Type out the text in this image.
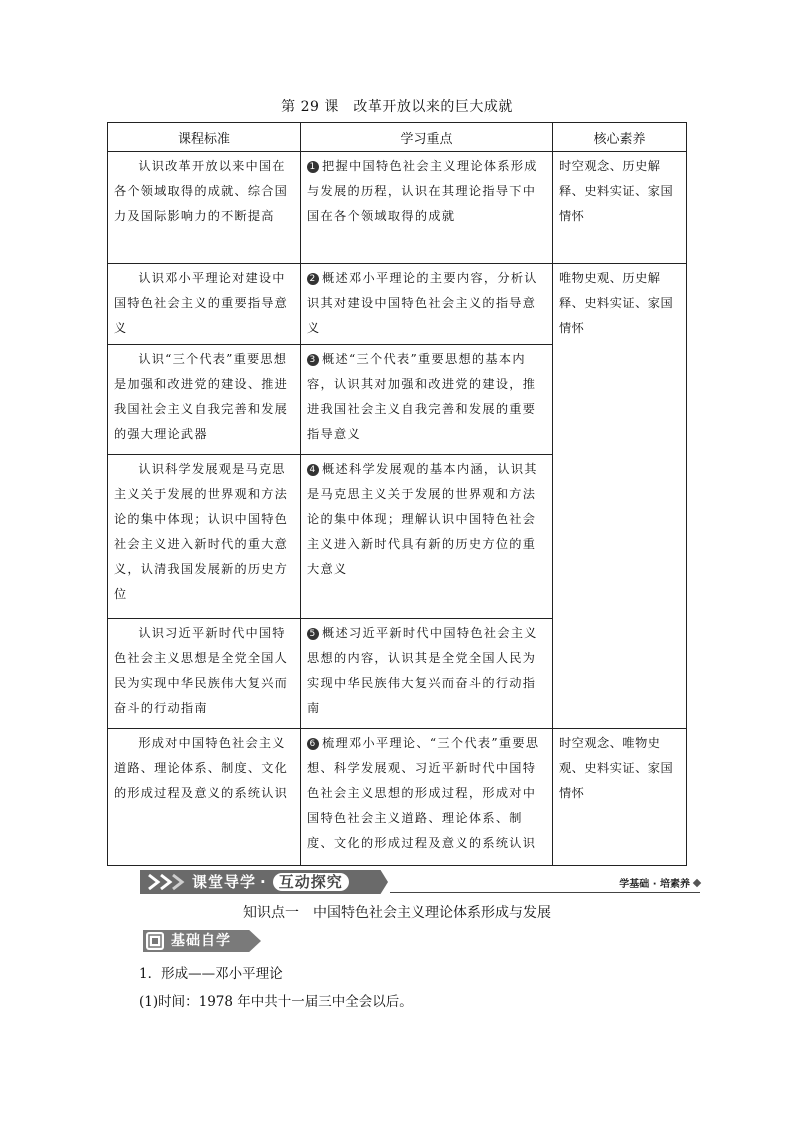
第 29 课　改革开放以来的巨大成就
课程标准	学习重点	核心素养
认识改革开放以来中国在各个领域取得的成就、综合国力及国际影响力的不断提高	1 把握中国特色社会主义理论体系形成与发展的历程，认识在其理论指导下中国在各个领域取得的成就	时空观念、历史解释、史料实证、家国情怀
认识邓小平理论对建设中国特色社会主义的重要指导意义	2 概述邓小平理论的主要内容，分析认识其对建设中国特色社会主义的指导意义	唯物史观、历史解释、史料实证、家国情怀
认识“三个代表”重要思想是加强和改进党的建设、推进我国社会主义自我完善和发展的强大理论武器	3 概述“三个代表”重要思想的基本内容，认识其对加强和改进党的建设，推进我国社会主义自我完善和发展的重要指导意义	
认识科学发展观是马克思主义关于发展的世界观和方法论的集中体现；认识中国特色社会主义进入新时代的重大意义，认清我国发展新的历史方位	4 概述科学发展观的基本内涵，认识其是马克思主义关于发展的世界观和方法论的集中体现；理解认识中国特色社会主义进入新时代具有新的历史方位的重大意义	
认识习近平新时代中国特色社会主义思想是全党全国人民为实现中华民族伟大复兴而奋斗的行动指南	5 概述习近平新时代中国特色社会主义思想的内容，认识其是全党全国人民为实现中华民族伟大复兴而奋斗的行动指南	
形成对中国特色社会主义道路、理论体系、制度、文化的形成过程及意义的系统认识	6 梳理邓小平理论、“三个代表”重要思想、科学发展观、习近平新时代中国特色社会主义思想的形成过程，形成对中国特色社会主义道路、理论体系、制度、文化的形成过程及意义的系统认识	时空观念、唯物史观、史料实证、家国情怀
课堂导学 · 互动探究	学基础 · 培素养
知识点一　中国特色社会主义理论体系形成与发展
基础自学
1．形成——邓小平理论
(1)时间：1978 年中共十一届三中全会以后。
